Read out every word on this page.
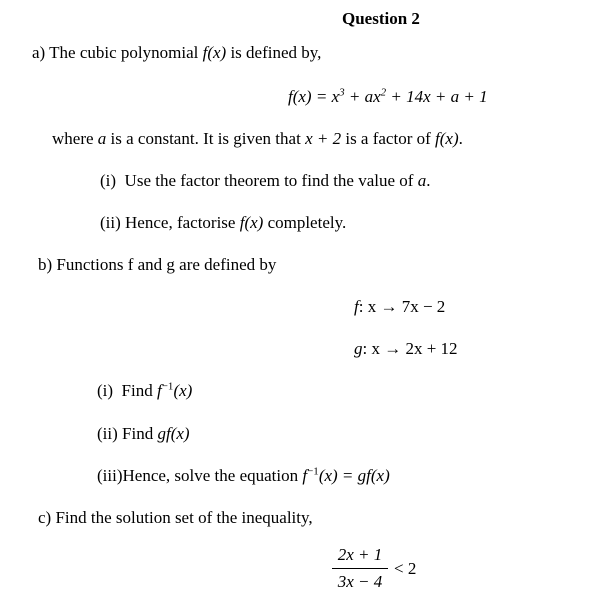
Question 2
a) The cubic polynomial f(x) is defined by,
$f(x) = x^3 + ax^2 + 14x + a + 1$
where a is a constant. It is given that x + 2 is a factor of f(x).
(i) Use the factor theorem to find the value of a.
(ii) Hence, factorise f(x) completely.
b) Functions f and g are defined by
f: x → 7x − 2
g: x → 2x + 12
(i) Find $f^{-1}(x)$
(ii) Find gf(x)
(iii)Hence, solve the equation $f^{-1}(x) = gf(x)$
c) Find the solution set of the inequality,
2x + 1
3x − 4
< 2
